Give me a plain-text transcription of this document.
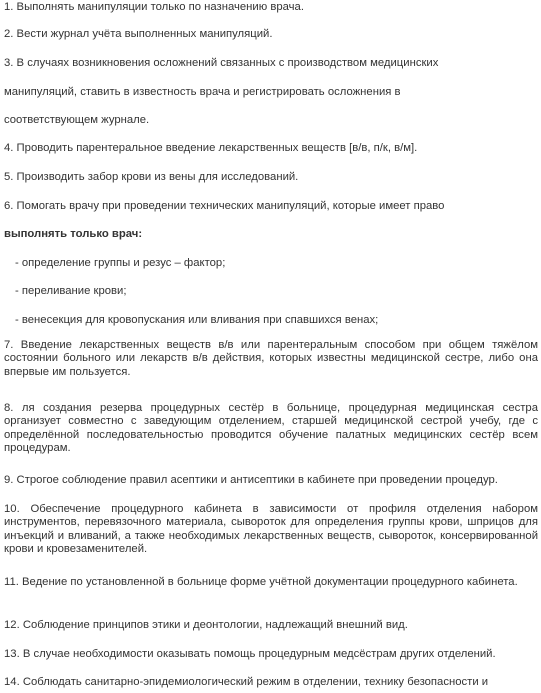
1. Выполнять манипуляции только по назначению врача.
2. Вести журнал учёта выполненных манипуляций.
3. В случаях возникновения осложнений связанных с производством медицинских
манипуляций, ставить в известность врача и регистрировать осложнения в
соответствующем журнале.
4. Проводить парентеральное введение лекарственных веществ [в/в, п/к, в/м].
5. Производить забор крови из вены для исследований.
6. Помогать врачу при проведении технических манипуляций, которые имеет право
выполнять только врач:
- определение группы и резус – фактор;
- переливание крови;
- венесекция для кровопускания или вливания при спавшихся венах;
7. Введение лекарственных веществ в/в или парентеральным способом при общем тяжёлом состоянии больного или лекарств в/в действия, которых известны медицинской сестре, либо она впервые им пользуется.
8. ля создания резерва процедурных сестёр в больнице, процедурная медицинская сестра организует совместно с заведующим отделением, старшей медицинской сестрой учебу, где с определённой последовательностью проводится обучение палатных медицинских сестёр всем процедурам.
9. Строгое соблюдение правил асептики и антисептики в кабинете при проведении процедур.
10. Обеспечение процедурного кабинета в зависимости от профиля отделения набором инструментов, перевязочного материала, сывороток для определения группы крови, шприцов для инъекций и вливаний, а также необходимых лекарственных веществ, сывороток, консервированной крови и кровезаменителей.
11. Ведение по установленной в больнице форме учётной документации процедурного кабинета.
12. Соблюдение принципов этики и деонтологии, надлежащий внешний вид.
13. В случае необходимости оказывать помощь процедурным медсёстрам других отделений.
14. Соблюдать санитарно-эпидемиологический режим в отделении, технику безопасности и
